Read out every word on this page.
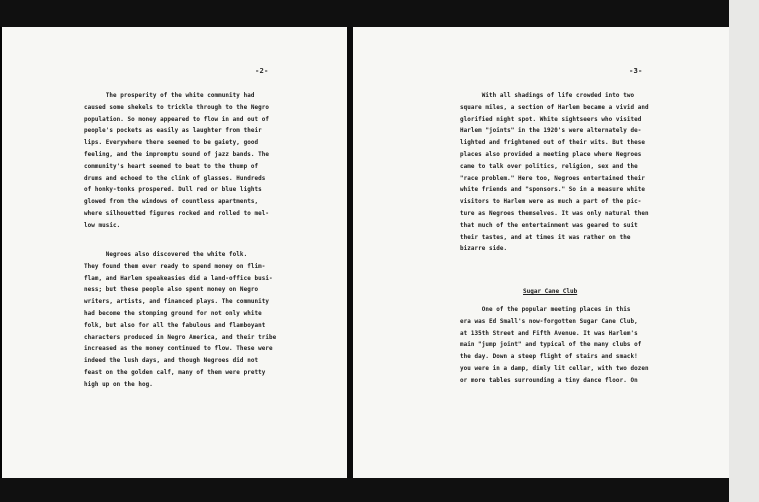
-2-
The prosperity of the white community had
caused some shekels to trickle through to the Negro
population. So money appeared to flow in and out of
people's pockets as easily as laughter from their
lips. Everywhere there seemed to be gaiety, good
feeling, and the impromptu sound of jazz bands. The
community's heart seemed to beat to the thump of
drums and echoed to the clink of glasses. Hundreds
of honky-tonks prospered. Dull red or blue lights
glowed from the windows of countless apartments,
where silhouetted figures rocked and rolled to mel-
low music.
Negroes also discovered the white folk.
They found them ever ready to spend money on flim-
flam, and Harlem speakeasies did a land-office busi-
ness; but these people also spent money on Negro
writers, artists, and financed plays. The community
had become the stomping ground for not only white
folk, but also for all the fabulous and flamboyant
characters produced in Negro America, and their tribe
increased as the money continued to flow. These were
indeed the lush days, and though Negroes did not
feast on the golden calf, many of them were pretty
high up on the hog.
-3-
With all shadings of life crowded into two
square miles, a section of Harlem became a vivid and
glorified night spot. White sightseers who visited
Harlem "joints" in the 1920's were alternately de-
lighted and frightened out of their wits. But these
places also provided a meeting place where Negroes
came to talk over politics, religion, sex and the
"race problem." Here too, Negroes entertained their
white friends and "sponsors." So in a measure white
visitors to Harlem were as much a part of the pic-
ture as Negroes themselves. It was only natural then
that much of the entertainment was geared to suit
their tastes, and at times it was rather on the
bizarre side.
Sugar Cane Club
One of the popular meeting places in this
era was Ed Small's now-forgotten Sugar Cane Club,
at 135th Street and Fifth Avenue. It was Harlem's
main "jump joint" and typical of the many clubs of
the day. Down a steep flight of stairs and smack!
you were in a damp, dimly lit cellar, with two dozen
or more tables surrounding a tiny dance floor. On
